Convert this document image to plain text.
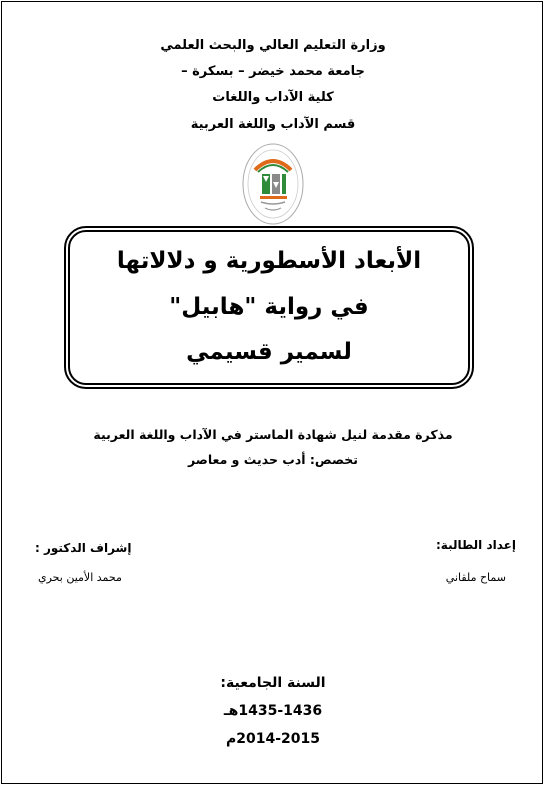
وزارة التعليم العالي والبحث العلمي
جامعة محمد خيضر – بسكرة –
كلية الآداب واللغات
قسم الآداب واللغة العربية
الأبعاد الأسطورية و دلالاتها
في رواية "هابيل"
لسمير قسيمي
مذكرة مقدمة لنيل شهادة الماستر في الآداب واللغة العربية
تخصص: أدب حديث و معاصر
إعداد الطالبة:
سماح ملقاني
إشراف الدكتور :
محمد الأمين بحري
السنة الجامعية:
1435-1436هـ
2014-2015م
